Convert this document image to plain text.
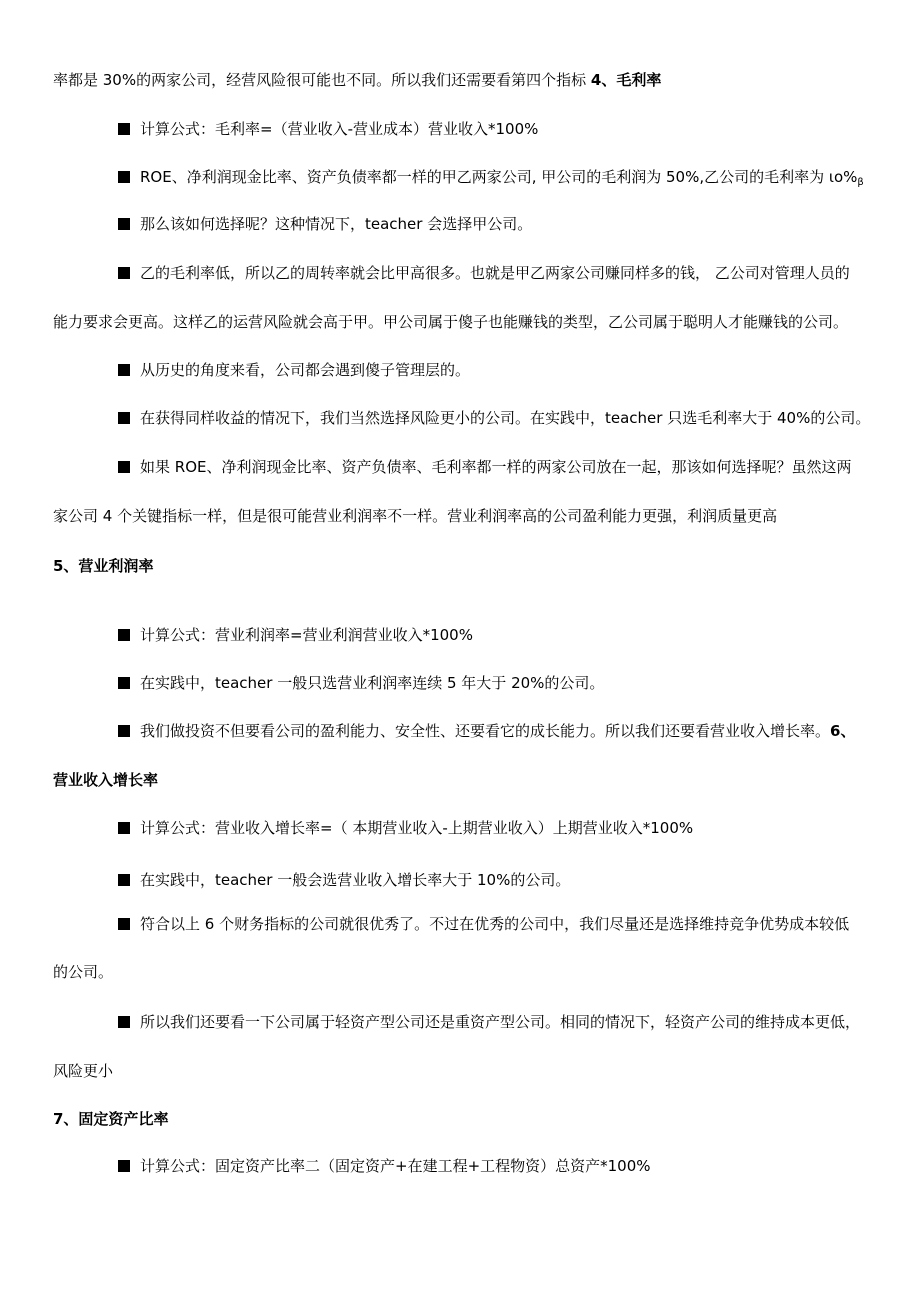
率都是 30%的两家公司，经营风险很可能也不同。所以我们还需要看第四个指标 4、毛利率
计算公式：毛利率=（营业收入-营业成本）营业收入*100%
ROE、净利润现金比率、资产负债率都一样的甲乙两家公司, 甲公司的毛利润为 50%,乙公司的毛利率为 $\iota o\%_\beta$
那么该如何选择呢？这种情况下，teacher 会选择甲公司。
乙的毛利率低，所以乙的周转率就会比甲高很多。也就是甲乙两家公司赚同样多的钱， 乙公司对管理人员的
能力要求会更高。这样乙的运营风险就会高于甲。甲公司属于傻子也能赚钱的类型，乙公司属于聪明人才能赚钱的公司。
从历史的角度来看，公司都会遇到傻子管理层的。
在获得同样收益的情况下，我们当然选择风险更小的公司。在实践中，teacher 只选毛利率大于 40%的公司。
如果 ROE、净利润现金比率、资产负债率、毛利率都一样的两家公司放在一起，那该如何选择呢？虽然这两
家公司 4 个关键指标一样，但是很可能营业利润率不一样。营业利润率高的公司盈利能力更强，利润质量更高
5、营业利润率
计算公式：营业利润率=营业利润营业收入*100%
在实践中，teacher 一般只选营业利润率连续 5 年大于 20%的公司。
我们做投资不但要看公司的盈利能力、安全性、还要看它的成长能力。所以我们还要看营业收入增长率。6、
营业收入增长率
计算公式：营业收入增长率=（ 本期营业收入-上期营业收入）上期营业收入*100%
在实践中，teacher 一般会选营业收入增长率大于 10%的公司。
符合以上 6 个财务指标的公司就很优秀了。不过在优秀的公司中，我们尽量还是选择维持竞争优势成本较低
的公司。
所以我们还要看一下公司属于轻资产型公司还是重资产型公司。相同的情况下，轻资产公司的维持成本更低，
风险更小
7、固定资产比率
计算公式：固定资产比率二（固定资产+在建工程+工程物资）总资产*100%
